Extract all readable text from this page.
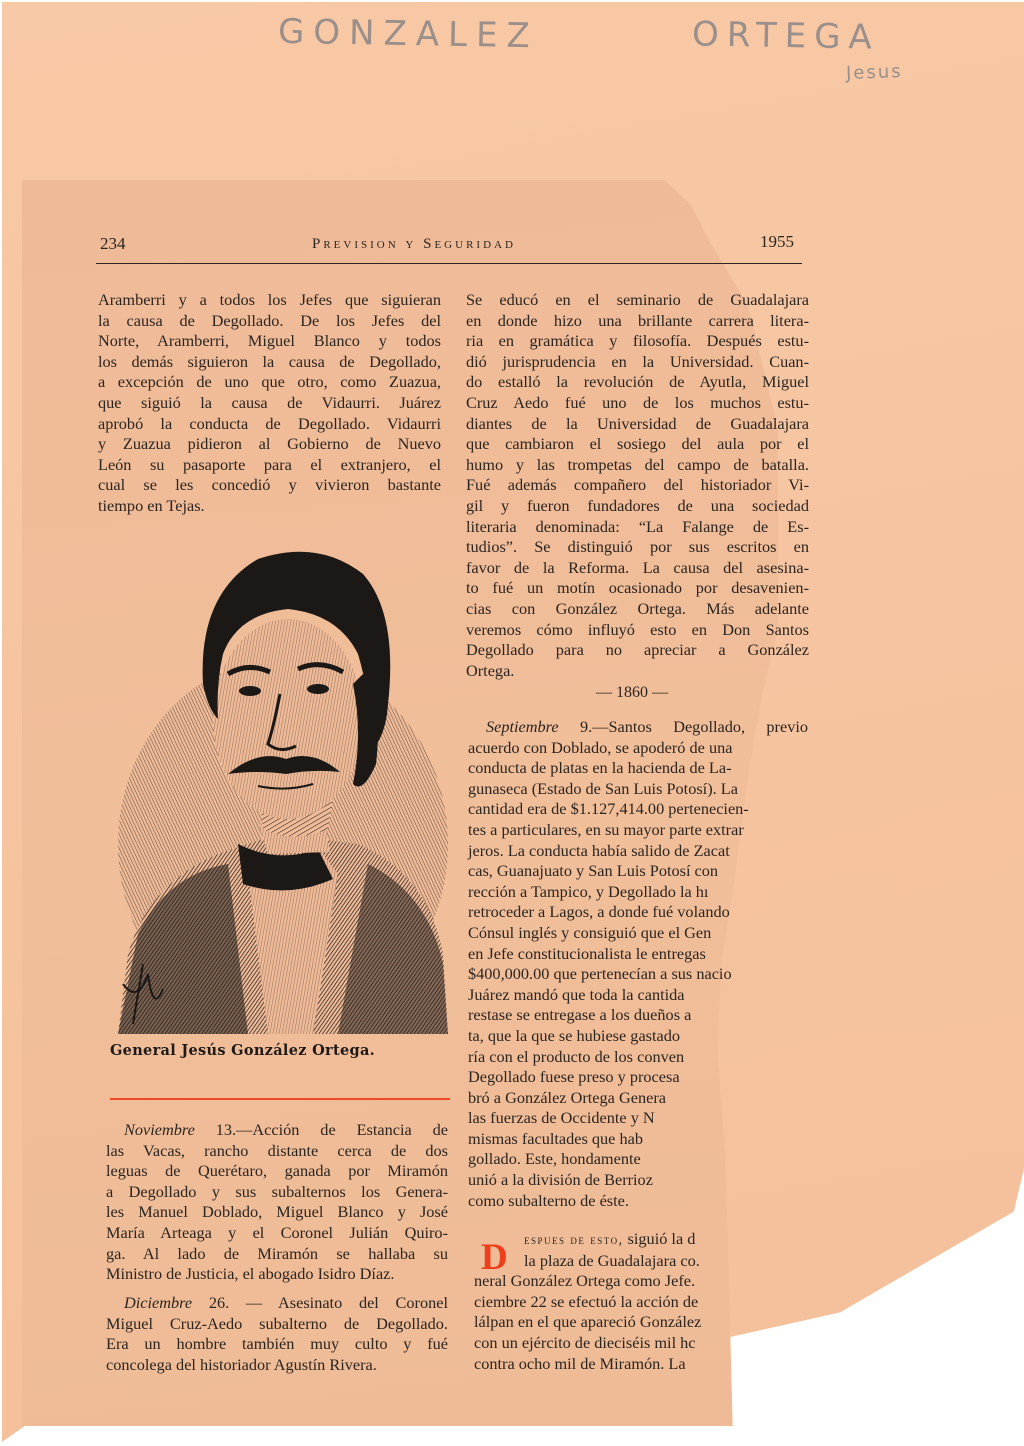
GONZALEZ	ORTEGA
Jesus
234	Prevision y Seguridad	1955
Aramberri y a todos los Jefes que siguieran
la causa de Degollado. De los Jefes del
Norte, Aramberri, Miguel Blanco y todos
los demás siguieron la causa de Degollado,
a excepción de uno que otro, como Zuazua,
que siguió la causa de Vidaurri. Juárez
aprobó la conducta de Degollado. Vidaurri
y Zuazua pidieron al Gobierno de Nuevo
León su pasaporte para el extranjero, el
cual se les concedió y vivieron bastante
tiempo en Tejas.
Se educó en el seminario de Guadalajara
en donde hizo una brillante carrera litera-
ria en gramática y filosofía. Después estu-
dió jurisprudencia en la Universidad. Cuan-
do estalló la revolución de Ayutla, Miguel
Cruz Aedo fué uno de los muchos estu-
diantes de la Universidad de Guadalajara
que cambiaron el sosiego del aula por el
humo y las trompetas del campo de batalla.
Fué además compañero del historiador Vi-
gil y fueron fundadores de una sociedad
literaria denominada: “La Falange de Es-
tudios”. Se distinguió por sus escritos en
favor de la Reforma. La causa del asesina-
to fué un motín ocasionado por desavenien-
cias con González Ortega. Más adelante
veremos cómo influyó esto en Don Santos
Degollado para no apreciar a González
Ortega.
— 1860 —
Septiembre 9.—Santos Degollado, previo
acuerdo con Doblado, se apoderó de una
conducta de platas en la hacienda de La-
gunaseca (Estado de San Luis Potosí). La
cantidad era de $1.127,414.00 pertenecien-
tes a particulares, en su mayor parte extrar
jeros. La conducta había salido de Zacat
cas, Guanajuato y San Luis Potosí con
rección a Tampico, y Degollado la hı
retroceder a Lagos, a donde fué volando
Cónsul inglés y consiguió que el Gen
en Jefe constitucionalista le entregas
$400,000.00 que pertenecían a sus nacio
Juárez mandó que toda la cantida
restase se entregase a los dueños a
ta, que la que se hubiese gastado
ría con el producto de los conven
Degollado fuese preso y procesa
bró a González Ortega Genera
las fuerzas de Occidente y N
mismas facultades que hab
gollado. Este, hondamente
unió a la división de Berrioz
como subalterno de éste.
General Jesús González Ortega.
Noviembre 13.—Acción de Estancia de
las Vacas, rancho distante cerca de dos
leguas de Querétaro, ganada por Miramón
a Degollado y sus subalternos los Genera-
les Manuel Doblado, Miguel Blanco y José
María Arteaga y el Coronel Julián Quiro-
ga. Al lado de Miramón se hallaba su
Ministro de Justicia, el abogado Isidro Díaz.
Diciembre 26. — Asesinato del Coronel
Miguel Cruz-Aedo subalterno de Degollado.
Era un hombre también muy culto y fué
concolega del historiador Agustín Rivera.
D	espues de esto, siguió la d
la plaza de Guadalajara co.
neral González Ortega como Jefe.
ciembre 22 se efectuó la acción de
lálpan en el que apareció González
con un ejército de dieciséis mil hc
contra ocho mil de Miramón. La
